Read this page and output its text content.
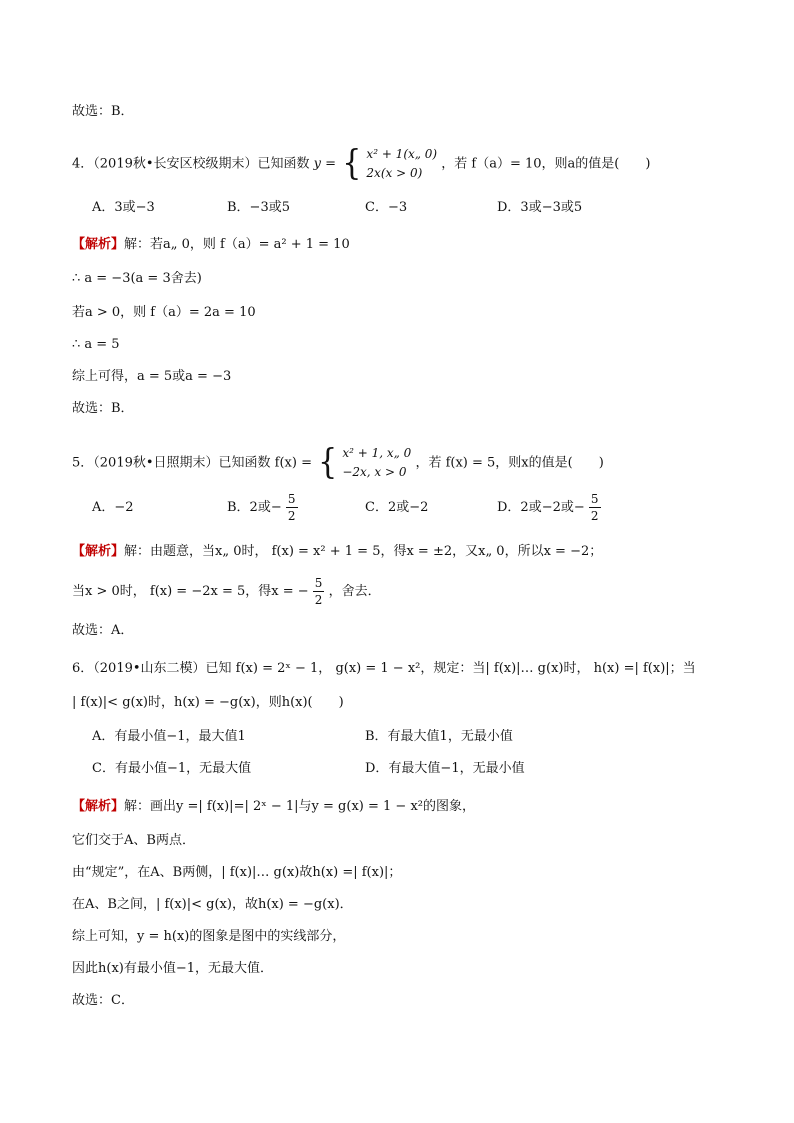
故选：B．
4．（2019秋•长安区校级期末）已知函数 y = { x² + 1(x„ 0)
2x(x > 0)
，若 f（a）= 10，则a的值是(　　)
A．3或−3	B．−3或5	C．−3	D．3或−3或5
【解析】解：若a„ 0，则 f（a）= a² + 1 = 10
∴ a = −3(a = 3舍去)
若a > 0，则 f（a）= 2a = 10
∴ a = 5
综上可得，a = 5或a = −3
故选：B．
5．（2019秋•日照期末）已知函数 f(x) = { x² + 1, x„ 0
−2x, x > 0
，若 f(x) = 5，则x的值是(　　)
A．−2	B．2或− $\frac{5}{2}$	C．2或−2	D．2或−2或− $\frac{5}{2}$
【解析】解：由题意，当x„ 0时， f(x) = x² + 1 = 5，得x = ±2，又x„ 0，所以x = −2；
当x > 0时， f(x) = −2x = 5，得x = − $\frac{5}{2}$ ，舍去．
故选：A．
6．（2019•山东二模）已知 f(x) = 2ˣ − 1， g(x) = 1 − x²，规定：当| f(x)|… g(x)时， h(x) =| f(x)|；当
| f(x)|< g(x)时，h(x) = −g(x)，则h(x)(　　)
A．有最小值−1，最大值1	B．有最大值1，无最小值
C．有最小值−1，无最大值	D．有最大值−1，无最小值
【解析】解：画出y =| f(x)|=| 2ˣ − 1|与y = g(x) = 1 − x²的图象，
它们交于A、B两点．
由“规定”，在A、B两侧，| f(x)|… g(x)故h(x) =| f(x)|；
在A、B之间，| f(x)|< g(x)，故h(x) = −g(x)．
综上可知，y = h(x)的图象是图中的实线部分，
因此h(x)有最小值−1，无最大值．
故选：C．
